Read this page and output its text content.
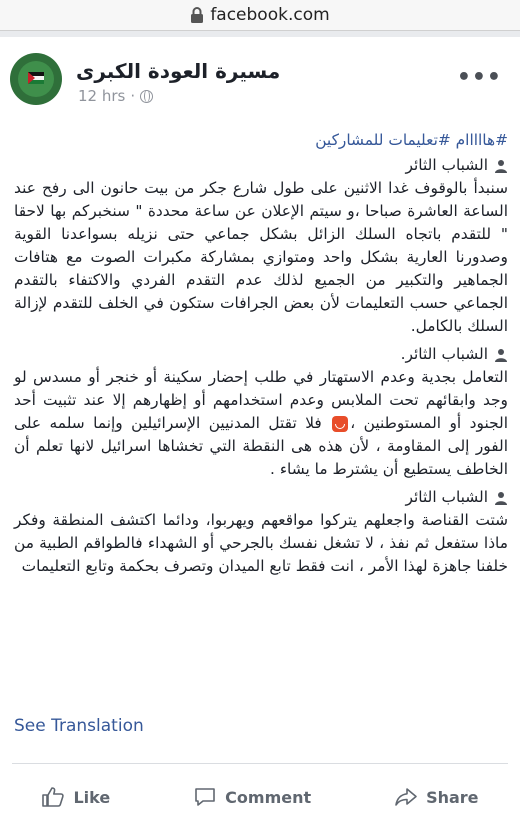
facebook.com
مسيرة العودة الكبرى
12 hrs ·
•••

#هااااام #تعليمات للمشاركين

الشباب الثائر

سنبدأ بالوقوف غدا الاثنين على طول شارع جكر من بيت حانون الى رفح عند الساعة العاشرة صباحا ،و سيتم الإعلان عن ساعة محددة " سنخبركم بها لاحقا " للتقدم باتجاه السلك الزائل بشكل جماعي حتى نزيله بسواعدنا القوية وصدورنا العارية بشكل واحد ومتوازي بمشاركة مكبرات الصوت مع هتافات الجماهير والتكبير من الجميع لذلك عدم التقدم الفردي والاكتفاء بالتقدم الجماعي حسب التعليمات لأن بعض الجرافات ستكون في الخلف للتقدم لإزالة السلك بالكامل.

الشباب الثائر.

التعامل بجدية وعدم الاستهتار في طلب إحضار سكينة أو خنجر أو مسدس لو وجد وابقائهم تحت الملابس وعدم استخدامهم أو إظهارهم إلا عند تثبيت أحد الجنود أو المستوطنين ، فلا تقتل المدنيين الإسرائيلين وإنما سلمه على الفور إلى المقاومة ، لأن هذه هى النقطة التي تخشاها اسرائيل لانها تعلم أن الخاطف يستطيع أن يشترط ما يشاء .

الشباب الثائر

شتت القناصة واجعلهم يتركوا مواقعهم ويهربوا، ودائما اكتشف المنطقة وفكر ماذا ستفعل ثم نفذ ، لا تشغل نفسك بالجرحي أو الشهداء فالطواقم الطبية من خلفنا جاهزة لهذا الأمر ، انت فقط تابع الميدان وتصرف بحكمة وتابع التعليمات

See Translation
Like	Comment	Share
